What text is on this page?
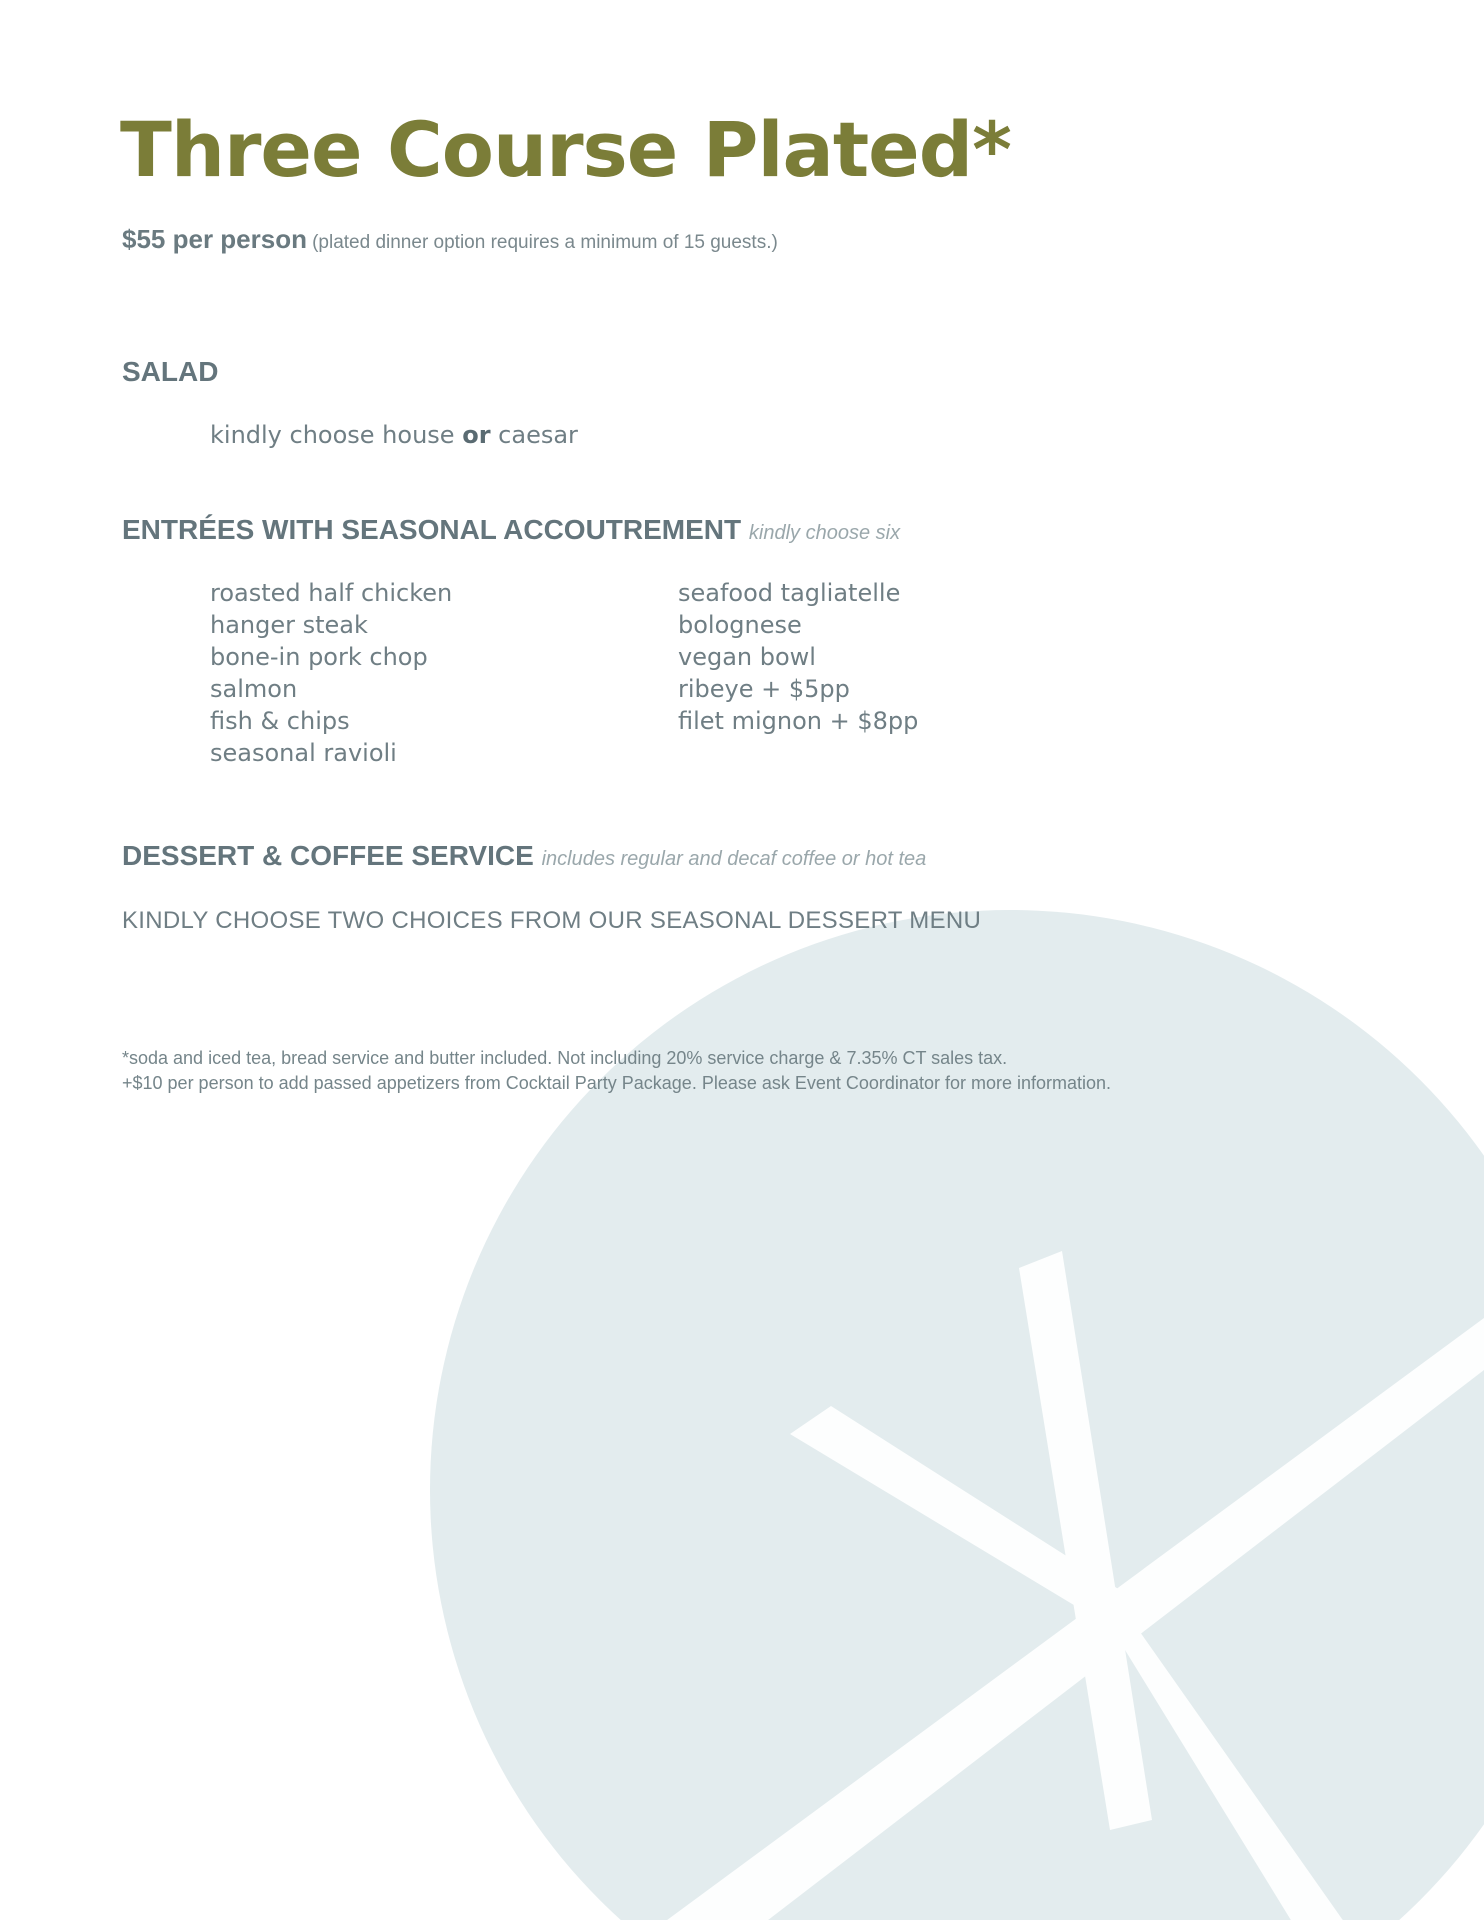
Three Course Plated*
$55 per person (plated dinner option requires a minimum of 15 guests.)
SALAD
kindly choose house or caesar
ENTRÉES WITH SEASONAL ACCOUTREMENT kindly choose six
roasted half chicken
hanger steak
bone-in pork chop
salmon
fish & chips
seasonal ravioli
seafood tagliatelle
bolognese
vegan bowl
ribeye + $5pp
filet mignon + $8pp
DESSERT & COFFEE SERVICE includes regular and decaf coffee or hot tea
KINDLY CHOOSE TWO CHOICES FROM OUR SEASONAL DESSERT MENU
*soda and iced tea, bread service and butter included. Not including 20% service charge & 7.35% CT sales tax.
+$10 per person to add passed appetizers from Cocktail Party Package. Please ask Event Coordinator for more information.
